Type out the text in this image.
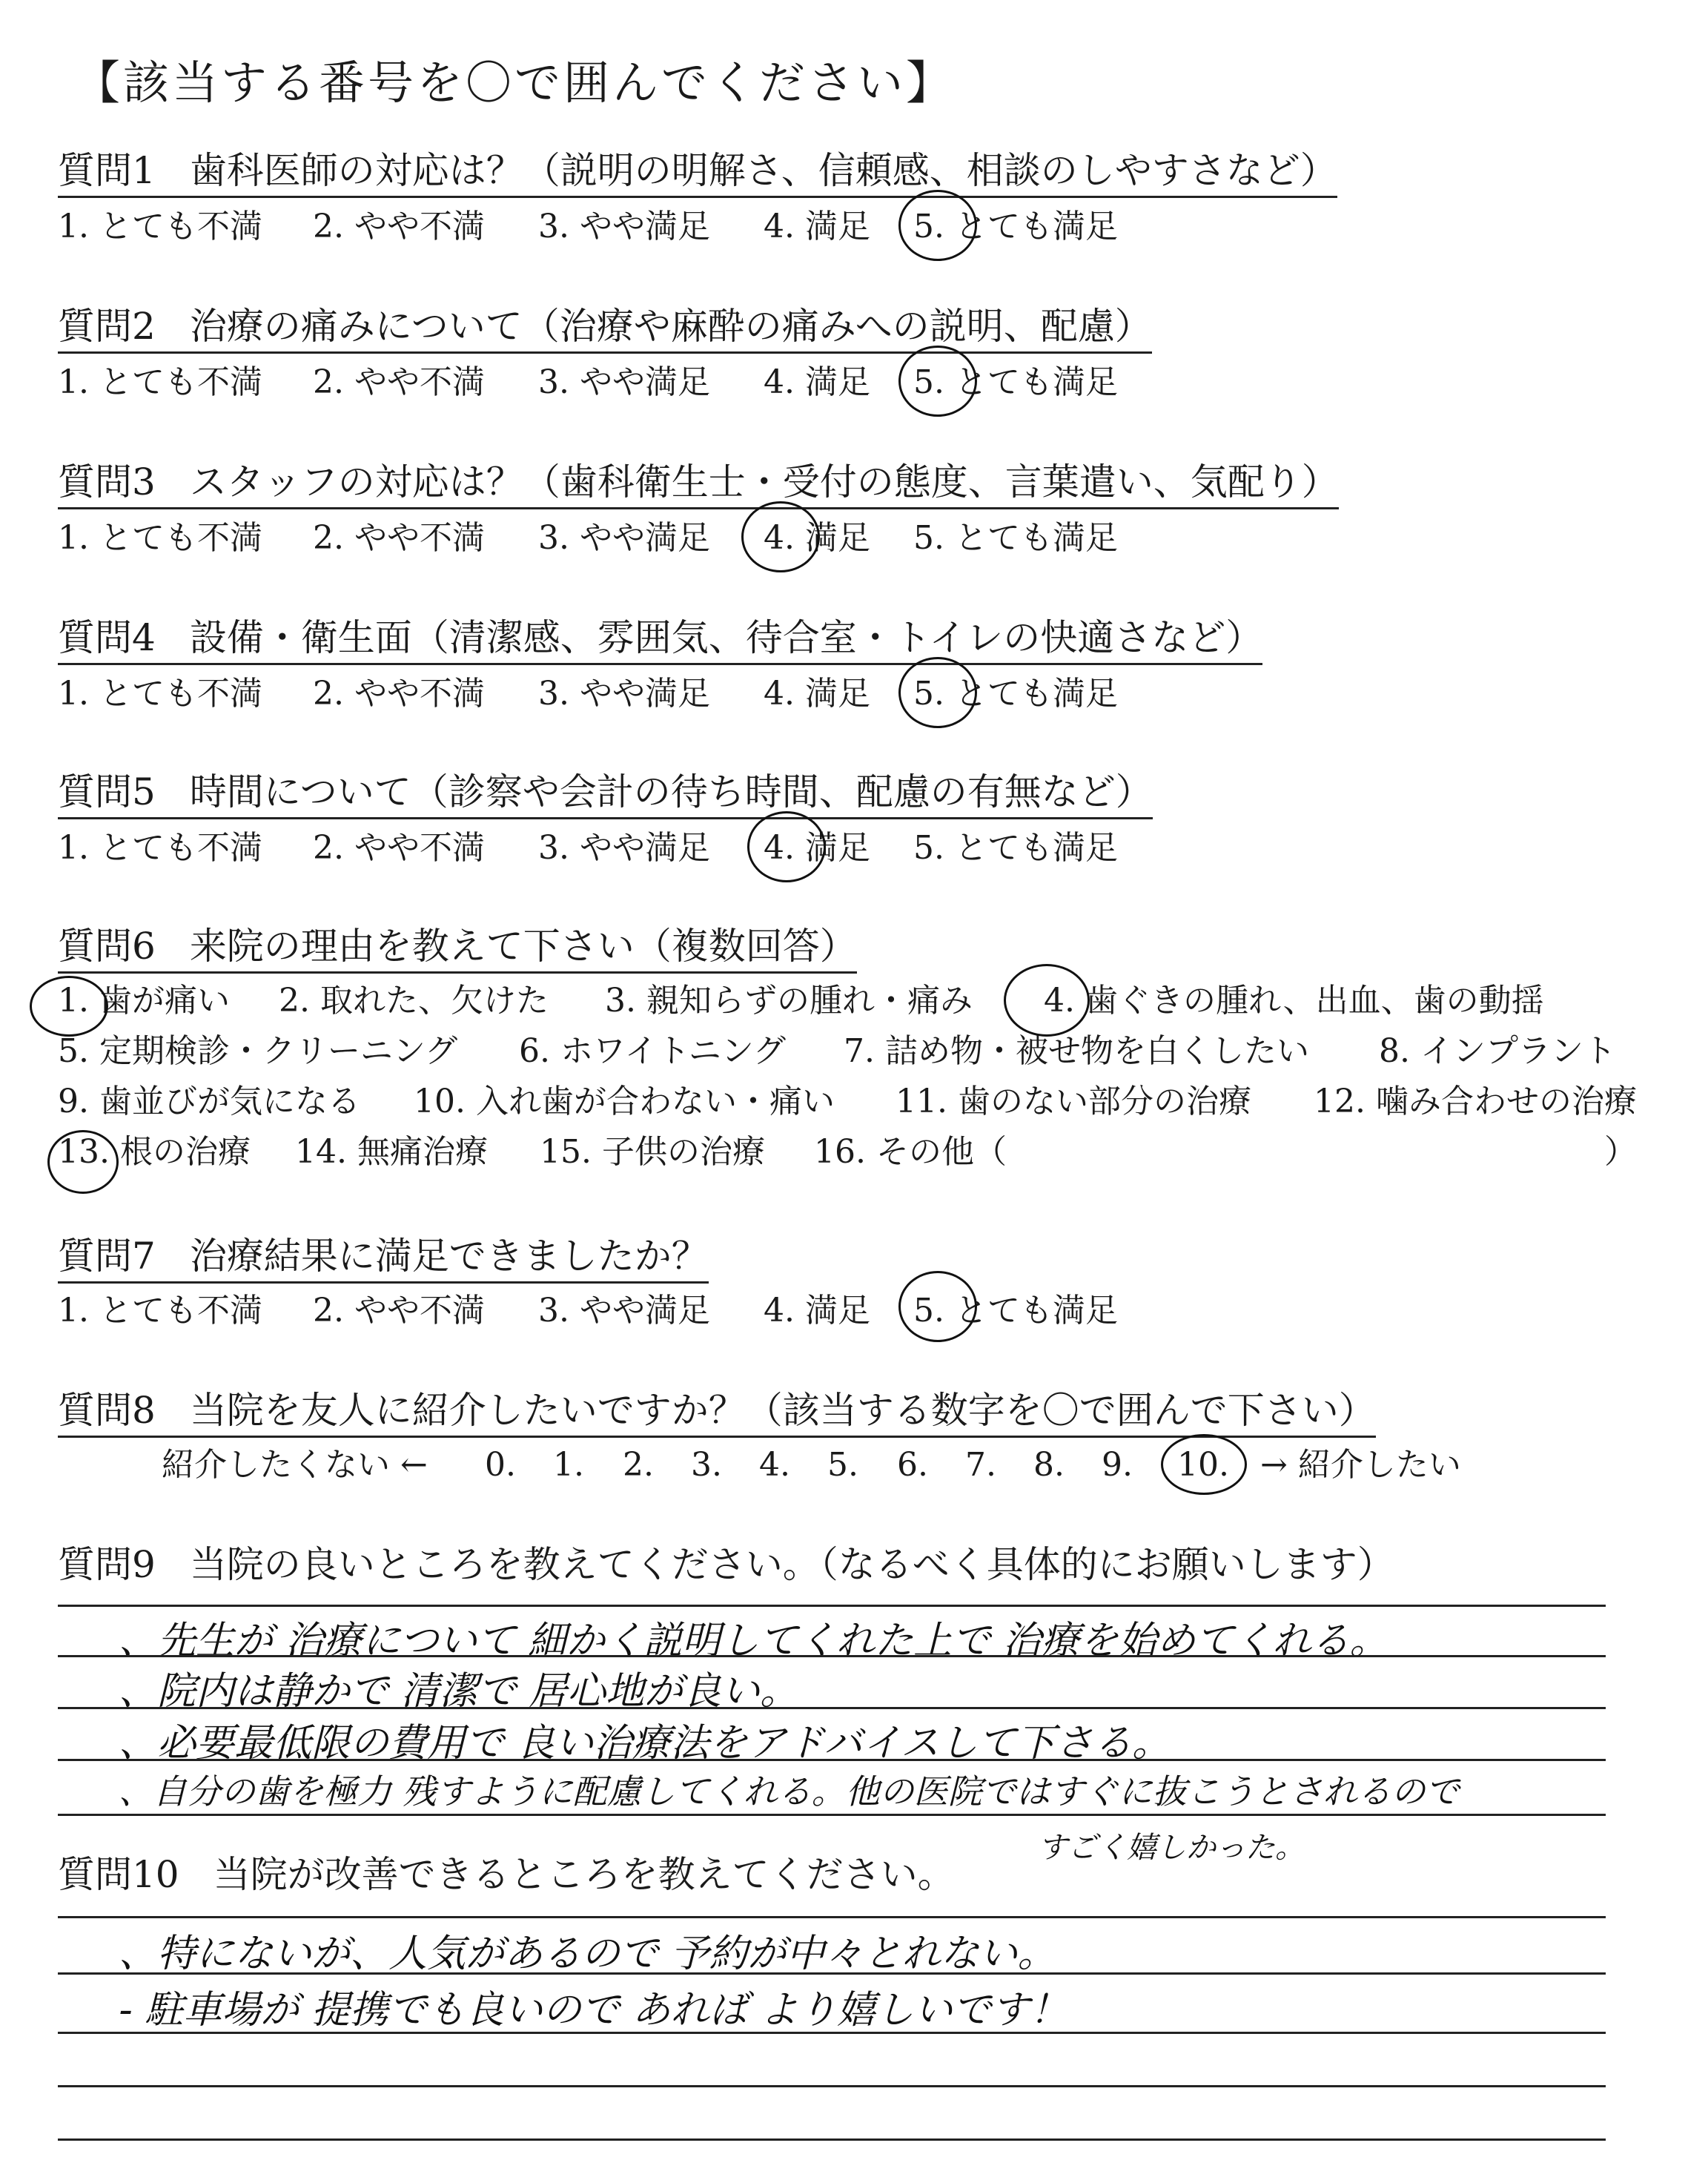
【該当する番号を〇で囲んでください】
質問1 歯科医師の対応は？（説明の明解さ、信頼感、相談のしやすさなど）
1. とても不満 2. やや不満 3. やや満足 4. 満足 5. とても満足
質問2 治療の痛みについて（治療や麻酔の痛みへの説明、配慮）
1. とても不満 2. やや不満 3. やや満足 4. 満足 5. とても満足
質問3 スタッフの対応は？（歯科衛生士・受付の態度、言葉遣い、気配り）
1. とても不満 2. やや不満 3. やや満足 4. 満足 5. とても満足
質問4 設備・衛生面（清潔感、雰囲気、待合室・トイレの快適さなど）
1. とても不満 2. やや不満 3. やや満足 4. 満足 5. とても満足
質問5 時間について（診察や会計の待ち時間、配慮の有無など）
1. とても不満 2. やや不満 3. やや満足 4. 満足 5. とても満足
質問6 来院の理由を教えて下さい（複数回答）
1. 歯が痛い 2. 取れた、欠けた 3. 親知らずの腫れ・痛み 4. 歯ぐきの腫れ、出血、歯の動揺
5. 定期検診・クリーニング 6. ホワイトニング 7. 詰め物・被せ物を白くしたい 8. インプラント
9. 歯並びが気になる 10. 入れ歯が合わない・痛い 11. 歯のない部分の治療 12. 噛み合わせの治療
13. 根の治療 14. 無痛治療 15. 子供の治療 16. その他（	）
質問7 治療結果に満足できましたか？
1. とても不満 2. やや不満 3. やや満足 4. 満足 5. とても満足
質問8 当院を友人に紹介したいですか？（該当する数字を〇で囲んで下さい）
紹介したくない ← 0. 1. 2. 3. 4. 5. 6. 7. 8. 9. 10. → 紹介したい
質問9 当院の良いところを教えてください。（なるべく具体的にお願いします）
、先生が 治療について 細かく説明してくれた上で 治療を始めてくれる。
、院内は静かで 清潔で 居心地が良い。
、必要最低限の費用で 良い治療法をアドバイスして下さる。
、自分の歯を極力 残すように配慮してくれる。他の医院ではすぐに抜こうとされるので
すごく嬉しかった。
質問10 当院が改善できるところを教えてください。
、特にないが、人気があるので 予約が中々とれない。
- 駐車場が 提携でも良いので あれば より嬉しいです！
